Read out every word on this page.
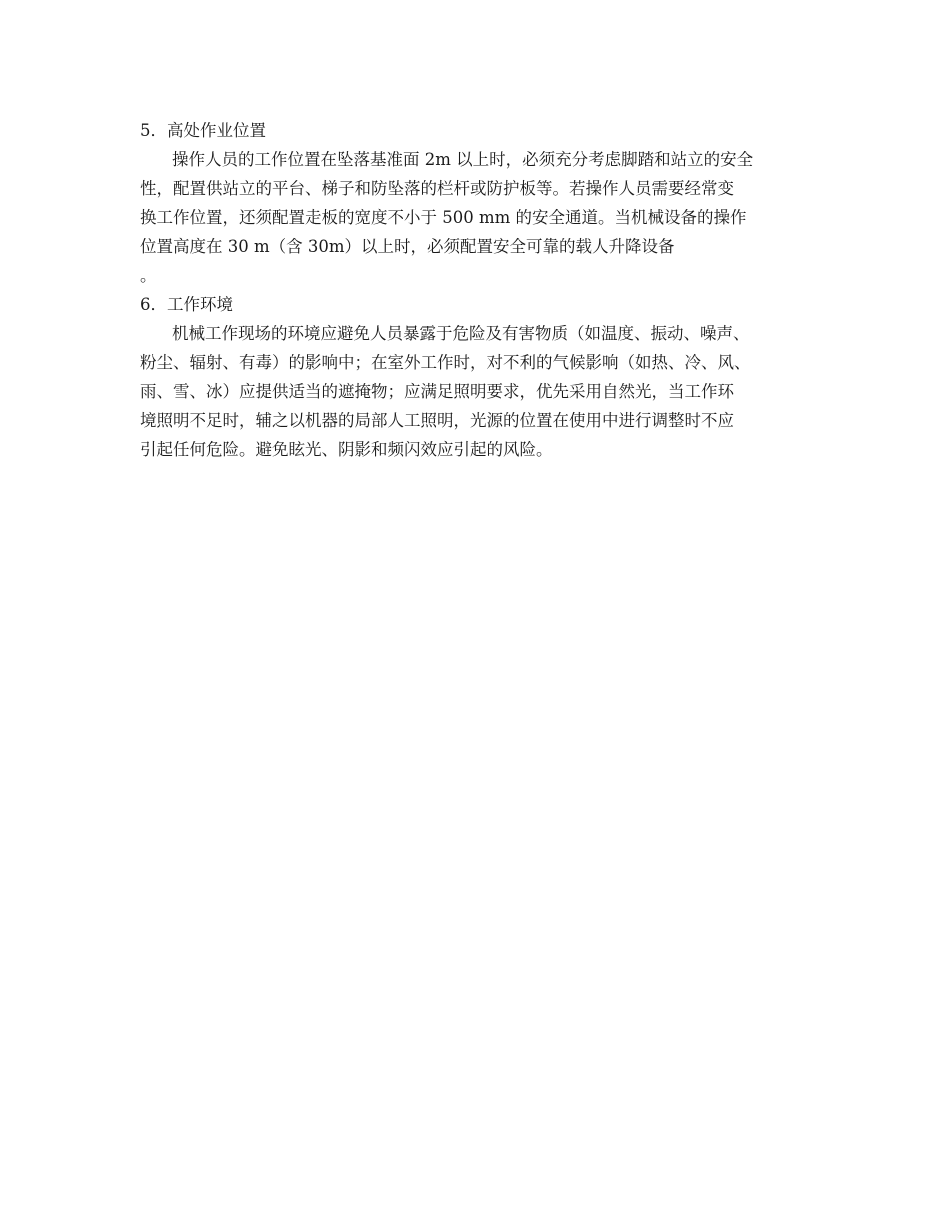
5．高处作业位置
操作人员的工作位置在坠落基准面 2m 以上时，必须充分考虑脚踏和站立的安全
性，配置供站立的平台、梯子和防坠落的栏杆或防护板等。若操作人员需要经常变
换工作位置，还须配置走板的宽度不小于 500 mm 的安全通道。当机械设备的操作
位置高度在 30 m（含 30m）以上时，必须配置安全可靠的载人升降设备
。
6．工作环境
机械工作现场的环境应避免人员暴露于危险及有害物质（如温度、振动、噪声、
粉尘、辐射、有毒）的影响中；在室外工作时，对不利的气候影响（如热、冷、风、
雨、雪、冰）应提供适当的遮掩物；应满足照明要求，优先采用自然光，当工作环
境照明不足时，辅之以机器的局部人工照明，光源的位置在使用中进行调整时不应
引起任何危险。避免眩光、阴影和频闪效应引起的风险。
